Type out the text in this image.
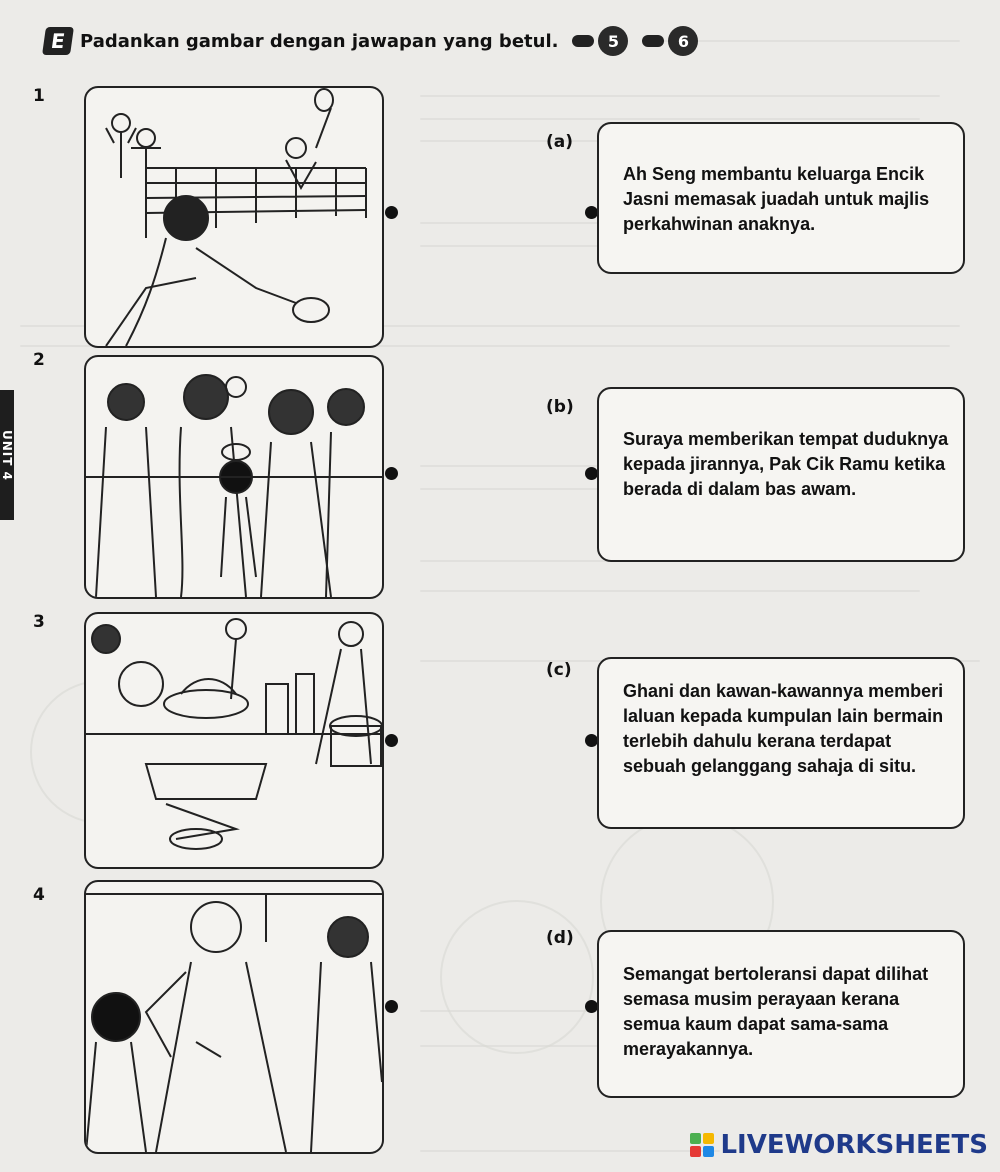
E Padankan gambar dengan jawapan yang betul.	5	6
UNIT 4
1
2
3
4
(a)
(b)
(c)
(d)
Ah Seng membantu keluarga Encik Jasni memasak juadah untuk majlis perkahwinan anaknya.
Suraya memberikan tempat duduknya kepada jirannya, Pak Cik Ramu ketika berada di dalam bas awam.
Ghani dan kawan-kawannya memberi laluan kepada kumpulan lain bermain terlebih dahulu kerana terdapat sebuah gelanggang sahaja di situ.
Semangat bertoleransi dapat dilihat semasa musim perayaan kerana semua kaum dapat sama-sama merayakannya.
LIVEWORKSHEETS
